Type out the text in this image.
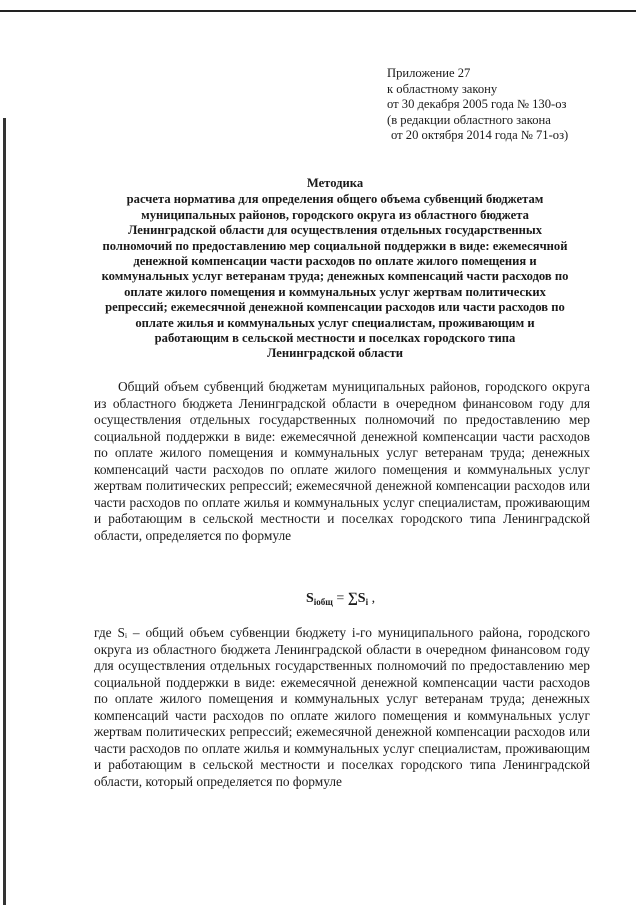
Приложение 27
к областному закону
от 30 декабря 2005 года № 130-оз
(в редакции областного закона
от 20 октября 2014 года № 71-оз)
Методика
расчета норматива для определения общего объема субвенций бюджетам
муниципальных районов, городского округа из областного бюджета
Ленинградской области для осуществления отдельных государственных
полномочий по предоставлению мер социальной поддержки в виде: ежемесячной
денежной компенсации части расходов по оплате жилого помещения и
коммунальных услуг ветеранам труда; денежных компенсаций части расходов по
оплате жилого помещения и коммунальных услуг жертвам политических
репрессий; ежемесячной денежной компенсации расходов или части расходов по
оплате жилья и коммунальных услуг специалистам, проживающим и
работающим в сельской местности и поселках городского типа
Ленинградской области
Общий объем субвенций бюджетам муниципальных районов, городского округа из областного бюджета Ленинградской области в очередном финансовом году для осуществления отдельных государственных полномочий по предоставлению мер социальной поддержки в виде: ежемесячной денежной компенсации части расходов по оплате жилого помещения и коммунальных услуг ветеранам труда; денежных компенсаций части расходов по оплате жилого помещения и коммунальных услуг жертвам политических репрессий; ежемесячной денежной компенсации расходов или части расходов по оплате жилья и коммунальных услуг специалистам, проживающим и работающим в сельской местности и поселках городского типа Ленинградской области, определяется по формуле
$S_{iобщ} = \sum S_i$ ,
где Sᵢ – общий объем субвенции бюджету i-го муниципального района, городского округа из областного бюджета Ленинградской области в очередном финансовом году для осуществления отдельных государственных полномочий по предоставлению мер социальной поддержки в виде: ежемесячной денежной компенсации части расходов по оплате жилого помещения и коммунальных услуг ветеранам труда; денежных компенсаций части расходов по оплате жилого помещения и коммунальных услуг жертвам политических репрессий; ежемесячной денежной компенсации расходов или части расходов по оплате жилья и коммунальных услуг специалистам, проживающим и работающим в сельской местности и поселках городского типа Ленинградской области, который определяется по формуле
